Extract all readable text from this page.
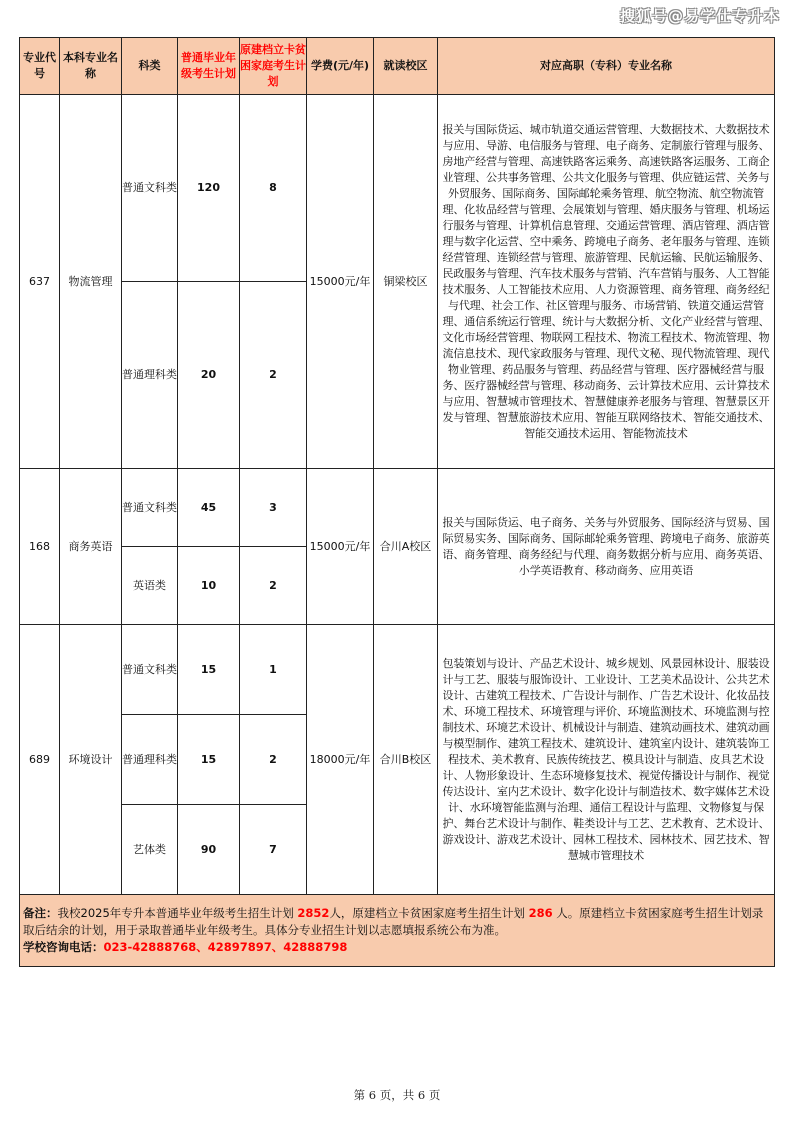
搜狐号@易学仕专升本
专业代号	本科专业名称	科类	普通毕业年级考生计划	原建档立卡贫困家庭考生计划	学费(元/年)	就读校区	对应高职（专科）专业名称
637	物流管理	普通文科类	120	8	15000元/年	铜梁校区	报关与国际货运、城市轨道交通运营管理、大数据技术、大数据技术与应用、导游、电信服务与管理、电子商务、定制旅行管理与服务、房地产经营与管理、高速铁路客运乘务、高速铁路客运服务、工商企业管理、公共事务管理、公共文化服务与管理、供应链运营、关务与外贸服务、国际商务、国际邮轮乘务管理、航空物流、航空物流管理、化妆品经营与管理、会展策划与管理、婚庆服务与管理、机场运行服务与管理、计算机信息管理、交通运营管理、酒店管理、酒店管理与数字化运营、空中乘务、跨境电子商务、老年服务与管理、连锁经营管理、连锁经营与管理、旅游管理、民航运输、民航运输服务、民政服务与管理、汽车技术服务与营销、汽车营销与服务、人工智能技术服务、人工智能技术应用、人力资源管理、商务管理、商务经纪与代理、社会工作、社区管理与服务、市场营销、铁道交通运营管理、通信系统运行管理、统计与大数据分析、文化产业经营与管理、文化市场经营管理、物联网工程技术、物流工程技术、物流管理、物流信息技术、现代家政服务与管理、现代文秘、现代物流管理、现代物业管理、药品服务与管理、药品经营与管理、医疗器械经营与服务、医疗器械经营与管理、移动商务、云计算技术应用、云计算技术与应用、智慧城市管理技术、智慧健康养老服务与管理、智慧景区开发与管理、智慧旅游技术应用、智能互联网络技术、智能交通技术、智能交通技术运用、智能物流技术
		普通理科类	20	2			
168	商务英语	普通文科类	45	3	15000元/年	合川A校区	报关与国际货运、电子商务、关务与外贸服务、国际经济与贸易、国际贸易实务、国际商务、国际邮轮乘务管理、跨境电子商务、旅游英语、商务管理、商务经纪与代理、商务数据分析与应用、商务英语、小学英语教育、移动商务、应用英语
		英语类	10	2			
689	环境设计	普通文科类	15	1	18000元/年	合川B校区	包装策划与设计、产品艺术设计、城乡规划、风景园林设计、服装设计与工艺、服装与服饰设计、工业设计、工艺美术品设计、公共艺术设计、古建筑工程技术、广告设计与制作、广告艺术设计、化妆品技术、环境工程技术、环境管理与评价、环境监测技术、环境监测与控制技术、环境艺术设计、机械设计与制造、建筑动画技术、建筑动画与模型制作、建筑工程技术、建筑设计、建筑室内设计、建筑装饰工程技术、美术教育、民族传统技艺、模具设计与制造、皮具艺术设计、人物形象设计、生态环境修复技术、视觉传播设计与制作、视觉传达设计、室内艺术设计、数字化设计与制造技术、数字媒体艺术设计、水环境智能监测与治理、通信工程设计与监理、文物修复与保护、舞台艺术设计与制作、鞋类设计与工艺、艺术教育、艺术设计、游戏设计、游戏艺术设计、园林工程技术、园林技术、园艺技术、智慧城市管理技术
		普通理科类	15	2			
		艺体类	90	7			
备注：我校2025年专升本普通毕业年级考生招生计划 2852人，原建档立卡贫困家庭考生招生计划 286 人。原建档立卡贫困家庭考生招生计划录取后结余的计划，用于录取普通毕业年级考生。具体分专业招生计划以志愿填报系统公布为准。
学校咨询电话：023-42888768、42897897、42888798							
第 6 页，共 6 页
